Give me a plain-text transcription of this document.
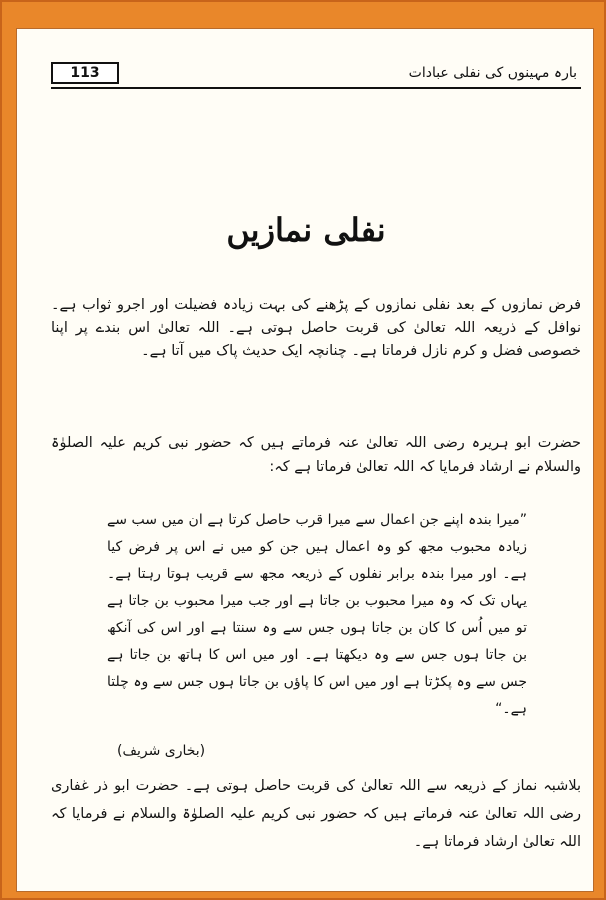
113	بارہ مہینوں کی نفلی عبادات
نفلی نمازیں

فرض نمازوں کے بعد نفلی نمازوں کے پڑھنے کی بہت زیادہ فضیلت اور اجرو ثواب ہے۔ نوافل کے ذریعہ اللہ تعالیٰ کی قربت حاصل ہوتی ہے۔ اللہ تعالیٰ اس بندے پر اپنا خصوصی فضل و کرم نازل فرماتا ہے۔ چنانچہ ایک حدیث پاک میں آتا ہے۔

حضرت ابو ہریرہ رضی اللہ تعالیٰ عنہ فرماتے ہیں کہ حضور نبی کریم علیہ الصلوٰۃ والسلام نے ارشاد فرمایا کہ اللہ تعالیٰ فرماتا ہے کہ:

”میرا بندہ اپنے جن اعمال سے میرا قرب حاصل کرتا ہے ان میں سب سے زیادہ محبوب مجھ کو وہ اعمال ہیں جن کو میں نے اس پر فرض کیا ہے۔ اور میرا بندہ برابر نفلوں کے ذریعہ مجھ سے قریب ہوتا رہتا ہے۔ یہاں تک کہ وہ میرا محبوب بن جاتا ہے اور جب میرا محبوب بن جاتا ہے تو میں اُس کا کان بن جاتا ہوں جس سے وہ سنتا ہے اور اس کی آنکھ بن جاتا ہوں جس سے وہ دیکھتا ہے۔ اور میں اس کا ہاتھ بن جاتا ہے جس سے وہ پکڑتا ہے اور میں اس کا پاؤں بن جاتا ہوں جس سے وہ چلتا ہے۔“

(بخاری شریف)

بلاشبہ نماز کے ذریعہ سے اللہ تعالیٰ کی قربت حاصل ہوتی ہے۔ حضرت ابو ذر غفاری رضی اللہ تعالیٰ عنہ فرماتے ہیں کہ حضور نبی کریم علیہ الصلوٰۃ والسلام نے فرمایا کہ اللہ تعالیٰ ارشاد فرماتا ہے۔
